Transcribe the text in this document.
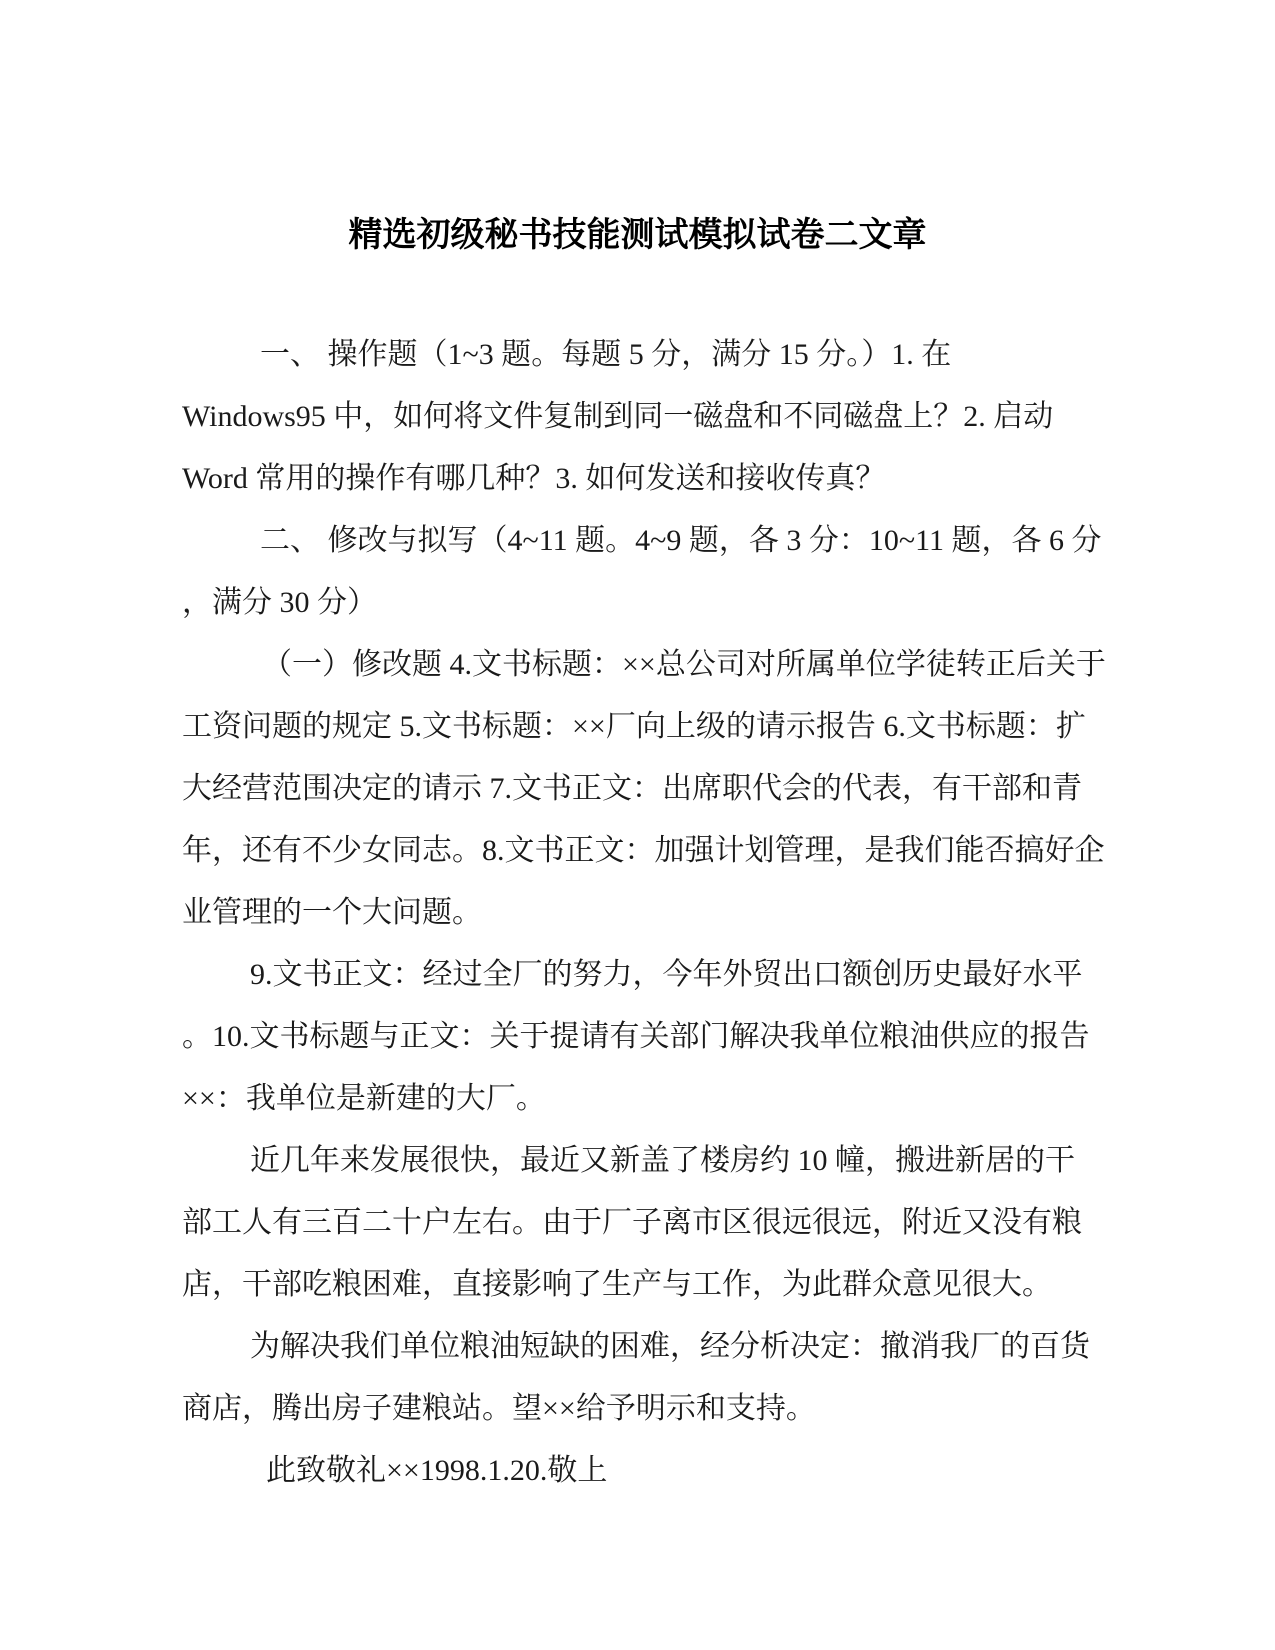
精选初级秘书技能测试模拟试卷二文章
一、 操作题（1~3 题。每题 5 分，满分 15 分。）1. 在
Windows95 中，如何将文件复制到同一磁盘和不同磁盘上？2. 启动
Word 常用的操作有哪几种？3. 如何发送和接收传真？
二、 修改与拟写（4~11 题。4~9 题，各 3 分：10~11 题，各 6 分
，满分 30 分）
（一）修改题 4.文书标题：××总公司对所属单位学徒转正后关于
工资问题的规定 5.文书标题：××厂向上级的请示报告 6.文书标题：扩
大经营范围决定的请示 7.文书正文：出席职代会的代表，有干部和青
年，还有不少女同志。8.文书正文：加强计划管理，是我们能否搞好企
业管理的一个大问题。
9.文书正文：经过全厂的努力，今年外贸出口额创历史最好水平
。10.文书标题与正文：关于提请有关部门解决我单位粮油供应的报告
××：我单位是新建的大厂。
近几年来发展很快，最近又新盖了楼房约 10 幢，搬进新居的干
部工人有三百二十户左右。由于厂子离市区很远很远，附近又没有粮
店，干部吃粮困难，直接影响了生产与工作，为此群众意见很大。
为解决我们单位粮油短缺的困难，经分析决定：撤消我厂的百货
商店，腾出房子建粮站。望××给予明示和支持。
此致敬礼××1998.1.20.敬上
